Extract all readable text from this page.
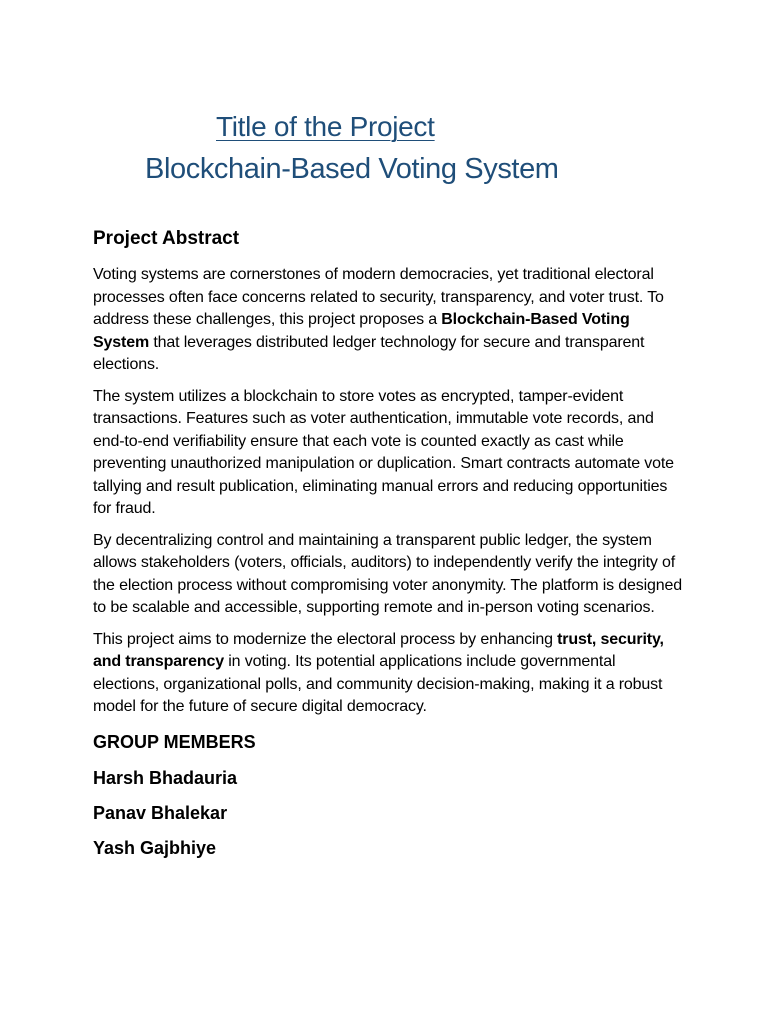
Title of the Project
Blockchain-Based Voting System
Project Abstract

Voting systems are cornerstones of modern democracies, yet traditional electoral processes often face concerns related to security, transparency, and voter trust. To address these challenges, this project proposes a Blockchain-Based Voting System that leverages distributed ledger technology for secure and transparent elections.

The system utilizes a blockchain to store votes as encrypted, tamper-evident transactions. Features such as voter authentication, immutable vote records, and end-to-end verifiability ensure that each vote is counted exactly as cast while preventing unauthorized manipulation or duplication. Smart contracts automate vote tallying and result publication, eliminating manual errors and reducing opportunities for fraud.

By decentralizing control and maintaining a transparent public ledger, the system allows stakeholders (voters, officials, auditors) to independently verify the integrity of the election process without compromising voter anonymity. The platform is designed to be scalable and accessible, supporting remote and in-person voting scenarios.

This project aims to modernize the electoral process by enhancing trust, security, and transparency in voting. Its potential applications include governmental elections, organizational polls, and community decision-making, making it a robust model for the future of secure digital democracy.

GROUP MEMBERS
Harsh Bhadauria
Panav Bhalekar
Yash Gajbhiye
